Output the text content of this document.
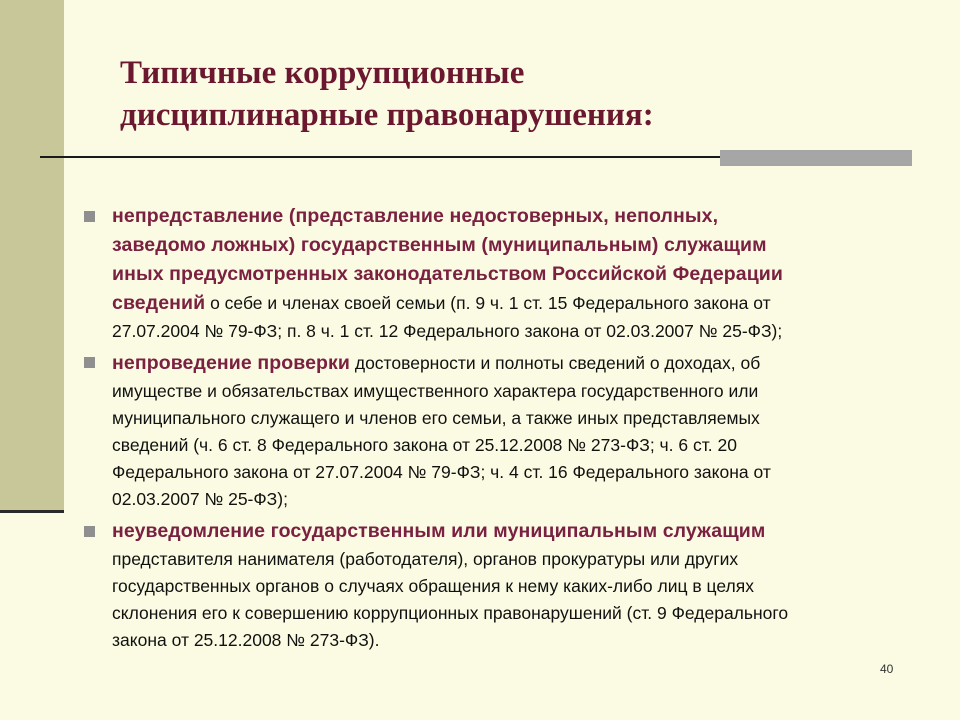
Типичные коррупционные
дисциплинарные правонарушения:
непредставление (представление недостоверных, неполных,
заведомо ложных) государственным (муниципальным) служащим
иных предусмотренных законодательством Российской Федерации
сведений о себе и членах своей семьи (п. 9 ч. 1 ст. 15 Федерального закона от
27.07.2004 № 79-ФЗ; п. 8 ч. 1 ст. 12 Федерального закона от 02.03.2007 № 25-ФЗ);
непроведение проверки достоверности и полноты сведений о доходах, об
имуществе и обязательствах имущественного характера государственного или
муниципального служащего и членов его семьи, а также иных представляемых
сведений (ч. 6 ст. 8 Федерального закона от 25.12.2008 № 273-ФЗ; ч. 6 ст. 20
Федерального закона от 27.07.2004 № 79-ФЗ; ч. 4 ст. 16 Федерального закона от
02.03.2007 № 25-ФЗ);
неуведомление государственным или муниципальным служащим
представителя нанимателя (работодателя), органов прокуратуры или других
государственных органов о случаях обращения к нему каких-либо лиц в целях
склонения его к совершению коррупционных правонарушений (ст. 9 Федерального
закона от 25.12.2008 № 273-ФЗ).
40
